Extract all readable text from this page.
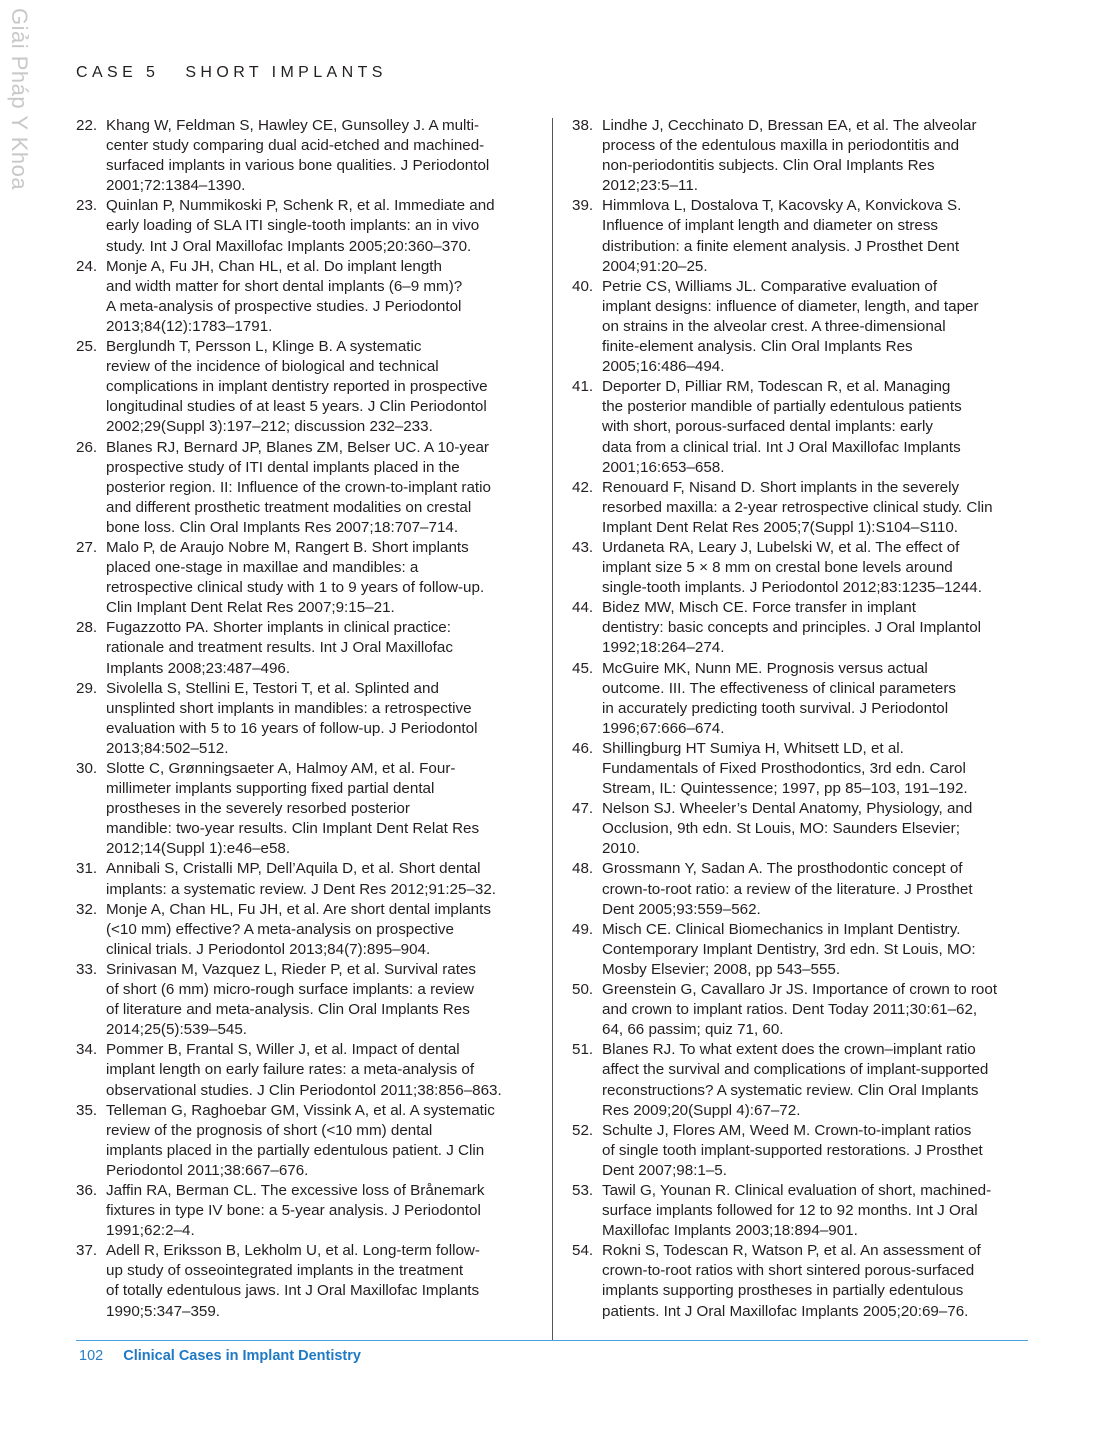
Giải Pháp Y Khoa	CASE 5 SHORT IMPLANTS
22. Khang W, Feldman S, Hawley CE, Gunsolley J. A multi-
center study comparing dual acid-etched and machined-
surfaced implants in various bone qualities. J Periodontol
2001;72:1384–1390.
23. Quinlan P, Nummikoski P, Schenk R, et al. Immediate and
early loading of SLA ITI single-tooth implants: an in vivo
study. Int J Oral Maxillofac Implants 2005;20:360–370.
24. Monje A, Fu JH, Chan HL, et al. Do implant length
and width matter for short dental implants (6–9 mm)?
A meta-analysis of prospective studies. J Periodontol
2013;84(12):1783–1791.
25. Berglundh T, Persson L, Klinge B. A systematic
review of the incidence of biological and technical
complications in implant dentistry reported in prospective
longitudinal studies of at least 5 years. J Clin Periodontol
2002;29(Suppl 3):197–212; discussion 232–233.
26. Blanes RJ, Bernard JP, Blanes ZM, Belser UC. A 10-year
prospective study of ITI dental implants placed in the
posterior region. II: Influence of the crown-to-implant ratio
and different prosthetic treatment modalities on crestal
bone loss. Clin Oral Implants Res 2007;18:707–714.
27. Malo P, de Araujo Nobre M, Rangert B. Short implants
placed one-stage in maxillae and mandibles: a
retrospective clinical study with 1 to 9 years of follow-up.
Clin Implant Dent Relat Res 2007;9:15–21.
28. Fugazzotto PA. Shorter implants in clinical practice:
rationale and treatment results. Int J Oral Maxillofac
Implants 2008;23:487–496.
29. Sivolella S, Stellini E, Testori T, et al. Splinted and
unsplinted short implants in mandibles: a retrospective
evaluation with 5 to 16 years of follow-up. J Periodontol
2013;84:502–512.
30. Slotte C, Grønningsaeter A, Halmoy AM, et al. Four-
millimeter implants supporting fixed partial dental
prostheses in the severely resorbed posterior
mandible: two-year results. Clin Implant Dent Relat Res
2012;14(Suppl 1):e46–e58.
31. Annibali S, Cristalli MP, Dell’Aquila D, et al. Short dental
implants: a systematic review. J Dent Res 2012;91:25–32.
32. Monje A, Chan HL, Fu JH, et al. Are short dental implants
(<10 mm) effective? A meta-analysis on prospective
clinical trials. J Periodontol 2013;84(7):895–904.
33. Srinivasan M, Vazquez L, Rieder P, et al. Survival rates
of short (6 mm) micro-rough surface implants: a review
of literature and meta-analysis. Clin Oral Implants Res
2014;25(5):539–545.
34. Pommer B, Frantal S, Willer J, et al. Impact of dental
implant length on early failure rates: a meta-analysis of
observational studies. J Clin Periodontol 2011;38:856–863.
35. Telleman G, Raghoebar GM, Vissink A, et al. A systematic
review of the prognosis of short (<10 mm) dental
implants placed in the partially edentulous patient. J Clin
Periodontol 2011;38:667–676.
36. Jaffin RA, Berman CL. The excessive loss of Brånemark
fixtures in type IV bone: a 5-year analysis. J Periodontol
1991;62:2–4.
37. Adell R, Eriksson B, Lekholm U, et al. Long-term follow-
up study of osseointegrated implants in the treatment
of totally edentulous jaws. Int J Oral Maxillofac Implants
1990;5:347–359.
38. Lindhe J, Cecchinato D, Bressan EA, et al. The alveolar
process of the edentulous maxilla in periodontitis and
non-periodontitis subjects. Clin Oral Implants Res
2012;23:5–11.
39. Himmlova L, Dostalova T, Kacovsky A, Konvickova S.
Influence of implant length and diameter on stress
distribution: a finite element analysis. J Prosthet Dent
2004;91:20–25.
40. Petrie CS, Williams JL. Comparative evaluation of
implant designs: influence of diameter, length, and taper
on strains in the alveolar crest. A three-dimensional
finite-element analysis. Clin Oral Implants Res
2005;16:486–494.
41. Deporter D, Pilliar RM, Todescan R, et al. Managing
the posterior mandible of partially edentulous patients
with short, porous-surfaced dental implants: early
data from a clinical trial. Int J Oral Maxillofac Implants
2001;16:653–658.
42. Renouard F, Nisand D. Short implants in the severely
resorbed maxilla: a 2-year retrospective clinical study. Clin
Implant Dent Relat Res 2005;7(Suppl 1):S104–S110.
43. Urdaneta RA, Leary J, Lubelski W, et al. The effect of
implant size 5 × 8 mm on crestal bone levels around
single-tooth implants. J Periodontol 2012;83:1235–1244.
44. Bidez MW, Misch CE. Force transfer in implant
dentistry: basic concepts and principles. J Oral Implantol
1992;18:264–274.
45. McGuire MK, Nunn ME. Prognosis versus actual
outcome. III. The effectiveness of clinical parameters
in accurately predicting tooth survival. J Periodontol
1996;67:666–674.
46. Shillingburg HT Sumiya H, Whitsett LD, et al.
Fundamentals of Fixed Prosthodontics, 3rd edn. Carol
Stream, IL: Quintessence; 1997, pp 85–103, 191–192.
47. Nelson SJ. Wheeler’s Dental Anatomy, Physiology, and
Occlusion, 9th edn. St Louis, MO: Saunders Elsevier;
2010.
48. Grossmann Y, Sadan A. The prosthodontic concept of
crown-to-root ratio: a review of the literature. J Prosthet
Dent 2005;93:559–562.
49. Misch CE. Clinical Biomechanics in Implant Dentistry.
Contemporary Implant Dentistry, 3rd edn. St Louis, MO:
Mosby Elsevier; 2008, pp 543–555.
50. Greenstein G, Cavallaro Jr JS. Importance of crown to root
and crown to implant ratios. Dent Today 2011;30:61–62,
64, 66 passim; quiz 71, 60.
51. Blanes RJ. To what extent does the crown–implant ratio
affect the survival and complications of implant-supported
reconstructions? A systematic review. Clin Oral Implants
Res 2009;20(Suppl 4):67–72.
52. Schulte J, Flores AM, Weed M. Crown-to-implant ratios
of single tooth implant-supported restorations. J Prosthet
Dent 2007;98:1–5.
53. Tawil G, Younan R. Clinical evaluation of short, machined-
surface implants followed for 12 to 92 months. Int J Oral
Maxillofac Implants 2003;18:894–901.
54. Rokni S, Todescan R, Watson P, et al. An assessment of
crown-to-root ratios with short sintered porous-surfaced
implants supporting prostheses in partially edentulous
patients. Int J Oral Maxillofac Implants 2005;20:69–76.
102 Clinical Cases in Implant Dentistry
